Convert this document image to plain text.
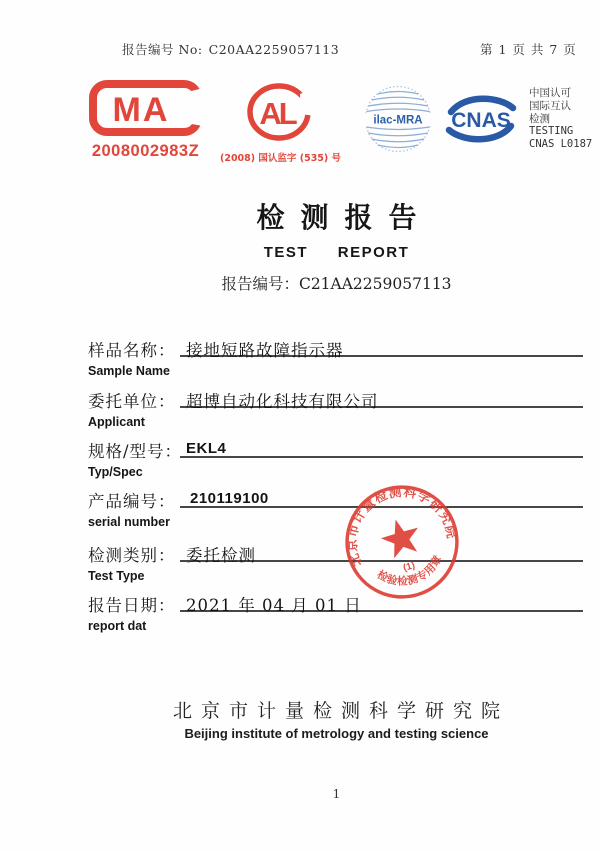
报告编号 No: C20AA2259057113	第 1 页 共 7 页
MA
2008002983Z
AL
(2008) 国认监字 (535) 号
ilac-MRA CNAS
中国认可
国际互认
检测
TESTING
CNAS L0187
检测报告
TEST REPORT
报告编号：C21AA2259057113
样品名称： 接地短路故障指示器
Sample Name
委托单位： 超博自动化科技有限公司
Applicant
规格/型号： EKL4
Typ/Spec
产品编号： 210119100
serial number
检测类别： 委托检测
Test Type
报告日期： 2021 年 04 月 01 日
report dat
北京市计量检测科学研究院
检验检测专用章
(1)
北京市计量检测科学研究院
Beijing institute of metrology and testing science
1
